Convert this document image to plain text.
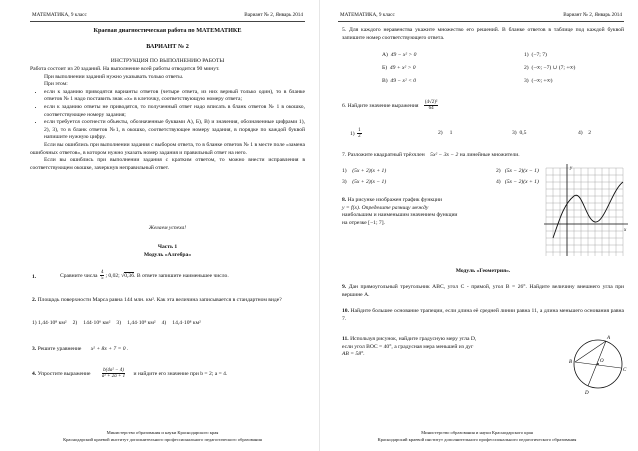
МАТЕМАТИКА, 9 класс	Вариант № 2, Январь 2014
Краевая диагностическая работа по МАТЕМАТИКЕ
ВАРИАНТ № 2
ИНСТРУКЦИЯ ПО ВЫПОЛНЕНИЮ РАБОТЫ
Работа состоит из 20 заданий. На выполнение всей работы отводится 90 минут.
При выполнении заданий нужно указывать только ответы.
При этом:
• если к заданию приводятся варианты ответов (четыре ответа, из них верный только один), то в бланке ответов № 1 надо поставить знак «x» в клеточку, соответствующую номеру ответа;
• если к заданию ответы не приводятся, то полученный ответ надо вписать в бланк ответов № 1 в окошко, соответствующее номеру задания;
• если требуется соотнести объекты, обозначенные буквами А), Б), В) и значения, обозначенные цифрами 1), 2), 3), то в бланк ответов №1, в окошко, соответствующее номеру задания, в порядке по каждой буквой напишите нужную цифру.
Если вы ошиблись при выполнении задания с выбором ответа, то в бланке ответов № 1 в месте поле «замена ошибочных ответов», в котором нужно указать номер задания и правильный ответ на него.
Если вы ошиблись при выполнении задания с кратким ответом, то можно внести исправления в соответствующем окошке, зачеркнув неправильный ответ.
Желаем успеха!
Часть 1
Модуль «Алгебра»
1.	Сравните числа $\frac{4}{5}$ ; 0,02; √0,36. В ответе запишите наименьшее число.
2. Площадь поверхности Марса равна 144 млн. км². Как эта величина записывается в стандартном виде?
1) 1,44·10⁸ км² 2) 144·10⁶ км² 3) 1,44·10⁸ км² 4) 14,4·10⁸ км²
3. Решите уравнение x² + 8x + 7 = 0 .
4. Упростите выражение $\frac{\text{b(4a² − 4)}}{\text{a² + 2a + 1}}$ и найдите его значение при b = 2; a = 4.
Министерство образования и науки Краснодарского края
Краснодарский краевой институт дополнительного профессионального педагогического образования
МАТЕМАТИКА, 9 класс	Вариант № 2, Январь 2014
5. Для каждого неравенства укажите множество его решений. В бланке ответов в таблице под каждой буквой запишите номер соответствующего ответа.
А) 49 − x² > 0	1) (−7; 7)
Б) 49 + x² > 0	2) (−∞; −7) ∪ (7; +∞)
В) 49 − x² < 0	3) (−∞; +∞)
6. Найдите значение выражения $\frac{\text{(4√2)²}}{64}$
$1) \frac{1}{2}$	2) 1	3) 0,5	4) 2
7. Разложите квадратный трёхчлен 5x² − 3x − 2 на линейные множители.
1) (5x + 2)(x + 1)	2) (5x − 2)(x − 1)
3) (5x + 2)(x − 1)	4) (5x − 2)(x + 1)
8. На рисунке изображен график функции
y = f(x). Определите разницу между
наибольшим и наименьшим значением функции
на отрезке [−1; 7].
y
x
Модуль «Геометрия».
9. Дан прямоугольный треугольник ABC, угол C - прямой, угол B = 26°. Найдите величину внешнего угла при вершине A.
10. Найдите большее основание трапеции, если длина её средней линии равна 11, а длина меньшего основания равна 7.
11. Используя рисунок, найдите градусную меру угла D,
если угол BOC = 40°, а градусная мера меньшей из дуг
AB = 58°.
A
B
C
D
O
Министерство образования и науки Краснодарского края
Краснодарский краевой институт дополнительного профессионального педагогического образования
